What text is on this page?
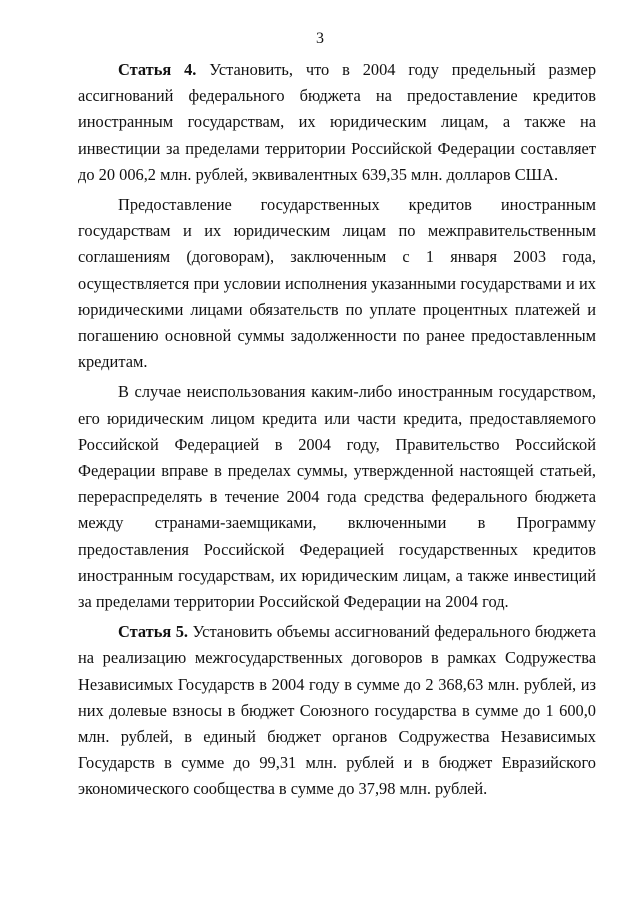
3

Статья 4. Установить, что в 2004 году предельный размер ассигнований федерального бюджета на предоставление кредитов иностранным государствам, их юридическим лицам, а также на инвестиции за пределами территории Российской Федерации составляет до 20 006,2 млн. рублей, эквивалентных 639,35 млн. долларов США.

Предоставление государственных кредитов иностранным государствам и их юридическим лицам по межправительственным соглашениям (договорам), заключенным с 1 января 2003 года, осуществляется при условии исполнения указанными государствами и их юридическими лицами обязательств по уплате процентных платежей и погашению основной суммы задолженности по ранее предоставленным кредитам.

В случае неиспользования каким-либо иностранным государством, его юридическим лицом кредита или части кредита, предоставляемого Российской Федерацией в 2004 году, Правительство Российской Федерации вправе в пределах суммы, утвержденной настоящей статьей, перераспределять в течение 2004 года средства федерального бюджета между странами-заемщиками, включенными в Программу предоставления Российской Федерацией государственных кредитов иностранным государствам, их юридическим лицам, а также инвестиций за пределами территории Российской Федерации на 2004 год.

Статья 5. Установить объемы ассигнований федерального бюджета на реализацию межгосударственных договоров в рамках Содружества Независимых Государств в 2004 году в сумме до 2 368,63 млн. рублей, из них долевые взносы в бюджет Союзного государства в сумме до 1 600,0 млн. рублей, в единый бюджет органов Содружества Независимых Государств в сумме до 99,31 млн. рублей и в бюджет Евразийского экономического сообщества в сумме до 37,98 млн. рублей.
